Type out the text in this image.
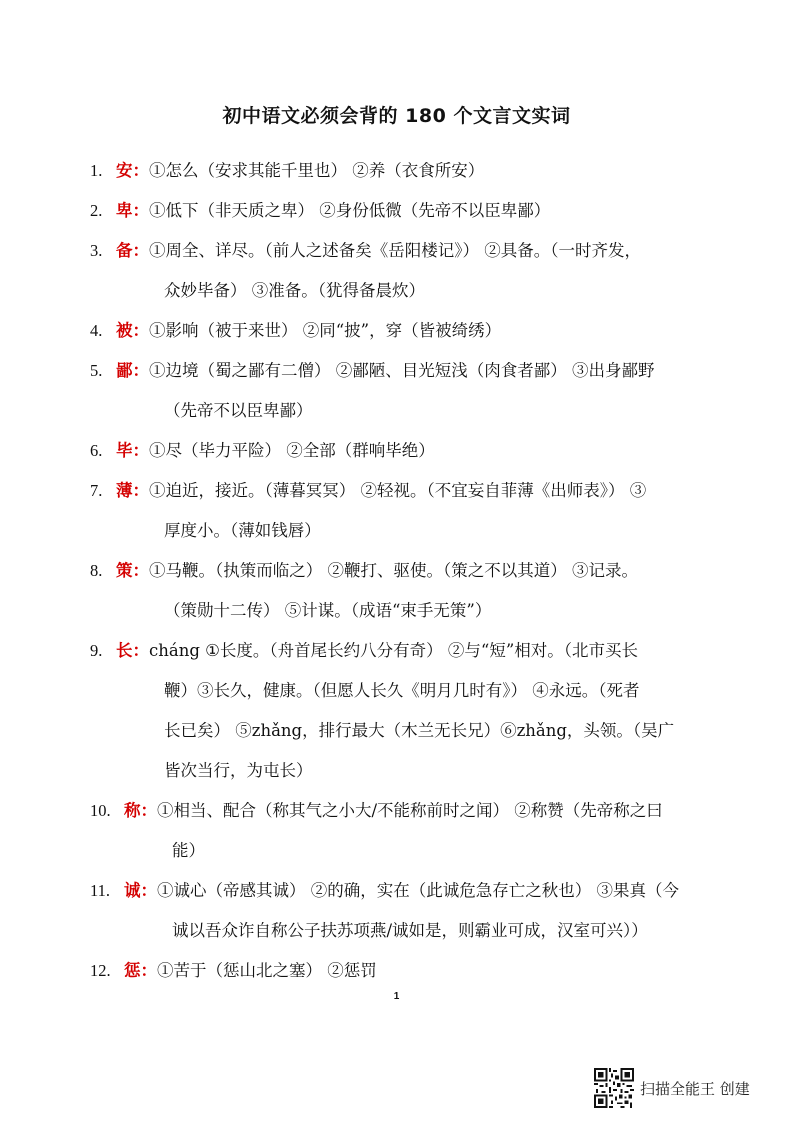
初中语文必须会背的 180 个文言文实词
1. 安：①怎么（安求其能千里也） ②养（衣食所安）
2. 卑：①低下（非天质之卑） ②身份低微（先帝不以臣卑鄙）
3. 备：①周全、详尽。（前人之述备矣《岳阳楼记》） ②具备。（一时齐发，
众妙毕备） ③准备。（犹得备晨炊）
4. 被：①影响（被于来世） ②同“披”，穿（皆被绮绣）
5. 鄙：①边境（蜀之鄙有二僧） ②鄙陋、目光短浅（肉食者鄙） ③出身鄙野
（先帝不以臣卑鄙）
6. 毕：①尽（毕力平险） ②全部（群响毕绝）
7. 薄：①迫近，接近。（薄暮冥冥） ②轻视。（不宜妄自菲薄《出师表》） ③
厚度小。（薄如钱唇）
8. 策：①马鞭。（执策而临之） ②鞭打、驱使。（策之不以其道） ③记录。
（策勋十二传） ⑤计谋。（成语“束手无策”）
9. 长：cháng ①长度。（舟首尾长约八分有奇） ②与“短”相对。（北市买长
鞭）③长久，健康。（但愿人长久《明月几时有》） ④永远。（死者
长已矣） ⑤zhǎng，排行最大（木兰无长兄）⑥zhǎng，头领。（吴广
皆次当行，为屯长）
10. 称：①相当、配合（称其气之小大/不能称前时之闻） ②称赞（先帝称之曰
能）
11. 诚：①诚心（帝感其诚） ②的确，实在（此诚危急存亡之秋也） ③果真（今
诚以吾众诈自称公子扶苏项燕/诚如是，则霸业可成，汉室可兴））
12. 惩：①苦于（惩山北之塞） ②惩罚
1
扫描全能王 创建
